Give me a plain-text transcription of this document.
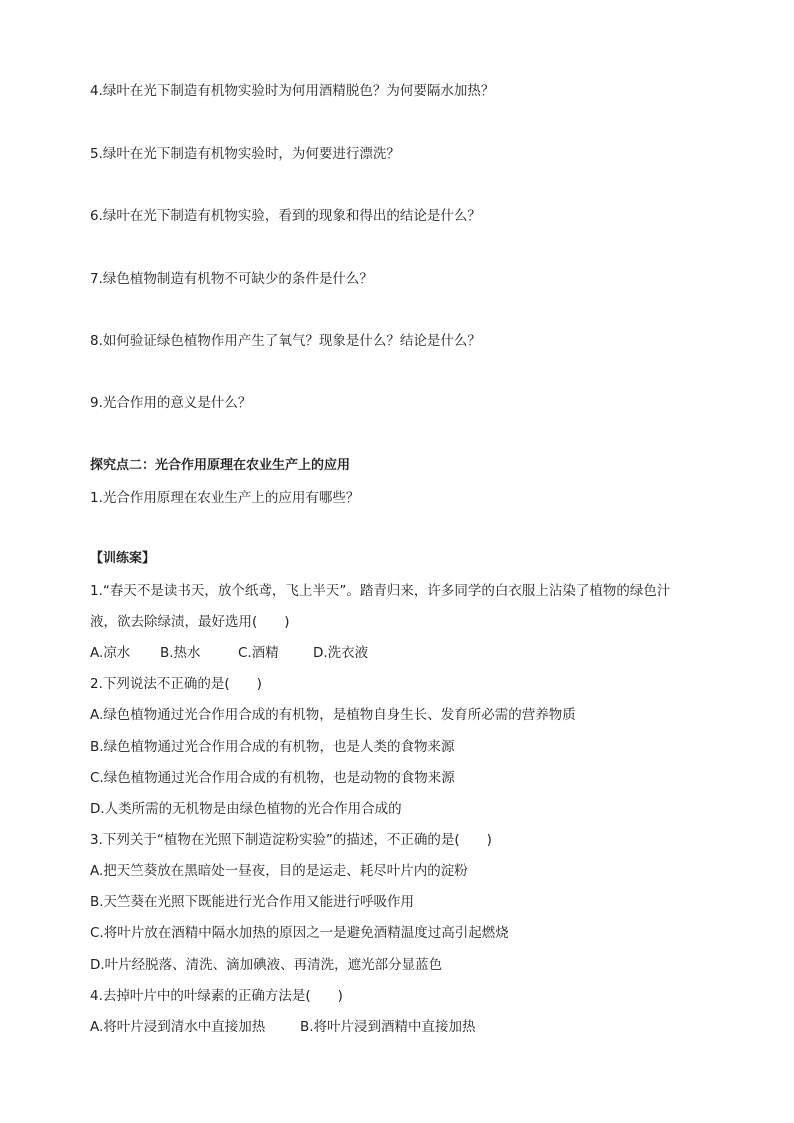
4.绿叶在光下制造有机物实验时为何用酒精脱色？为何要隔水加热？
5.绿叶在光下制造有机物实验时，为何要进行漂洗？
6.绿叶在光下制造有机物实验，看到的现象和得出的结论是什么？
7.绿色植物制造有机物不可缺少的条件是什么？
8.如何验证绿色植物作用产生了氧气？现象是什么？结论是什么？
9.光合作用的意义是什么？
探究点二：光合作用原理在农业生产上的应用
1.光合作用原理在农业生产上的应用有哪些？
【训练案】
1.“春天不是读书天，放个纸鸢，飞上半天”。踏青归来，许多同学的白衣服上沾染了植物的绿色汁
液，欲去除绿渍，最好选用(　　)
A.凉水 B.热水	C.酒精	D.洗衣液
2.下列说法不正确的是(　　)
A.绿色植物通过光合作用合成的有机物，是植物自身生长、发育所必需的营养物质
B.绿色植物通过光合作用合成的有机物，也是人类的食物来源
C.绿色植物通过光合作用合成的有机物，也是动物的食物来源
D.人类所需的无机物是由绿色植物的光合作用合成的
3.下列关于“植物在光照下制造淀粉实验”的描述，不正确的是(　　)
A.把天竺葵放在黑暗处一昼夜，目的是运走、耗尽叶片内的淀粉
B.天竺葵在光照下既能进行光合作用又能进行呼吸作用
C.将叶片放在酒精中隔水加热的原因之一是避免酒精温度过高引起燃烧
D.叶片经脱落、清洗、滴加碘液、再清洗，遮光部分显蓝色
4.去掉叶片中的叶绿素的正确方法是(　　)
A.将叶片浸到清水中直接加热	B.将叶片浸到酒精中直接加热
